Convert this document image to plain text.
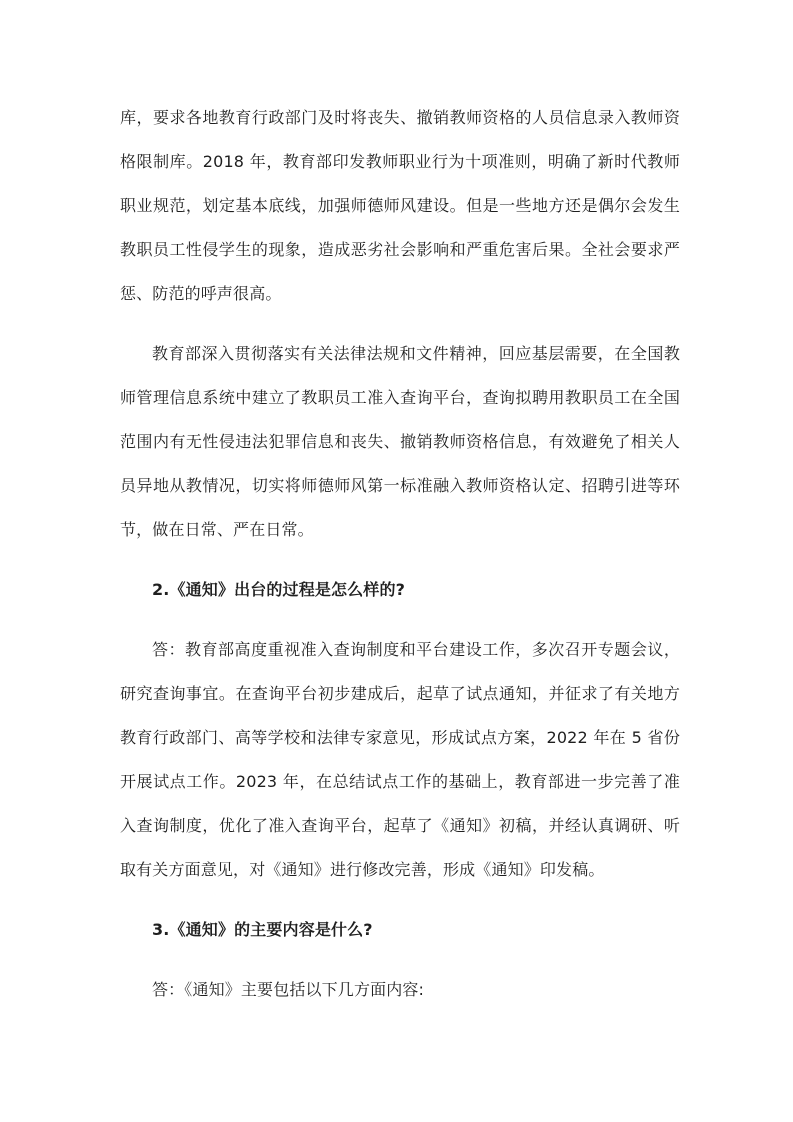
库，要求各地教育行政部门及时将丧失、撤销教师资格的人员信息录入教师资格限制库。2018 年，教育部印发教师职业行为十项准则，明确了新时代教师职业规范，划定基本底线，加强师德师风建设。但是一些地方还是偶尔会发生教职员工性侵学生的现象，造成恶劣社会影响和严重危害后果。全社会要求严惩、防范的呼声很高。

教育部深入贯彻落实有关法律法规和文件精神，回应基层需要，在全国教师管理信息系统中建立了教职员工准入查询平台，查询拟聘用教职员工在全国范围内有无性侵违法犯罪信息和丧失、撤销教师资格信息，有效避免了相关人员异地从教情况，切实将师德师风第一标准融入教师资格认定、招聘引进等环节，做在日常、严在日常。

2.《通知》出台的过程是怎么样的?

答：教育部高度重视准入查询制度和平台建设工作，多次召开专题会议，研究查询事宜。在查询平台初步建成后，起草了试点通知，并征求了有关地方教育行政部门、高等学校和法律专家意见，形成试点方案，2022 年在 5 省份开展试点工作。2023 年，在总结试点工作的基础上，教育部进一步完善了准入查询制度，优化了准入查询平台，起草了《通知》初稿，并经认真调研、听取有关方面意见，对《通知》进行修改完善，形成《通知》印发稿。

3.《通知》的主要内容是什么?

答：《通知》主要包括以下几方面内容:
